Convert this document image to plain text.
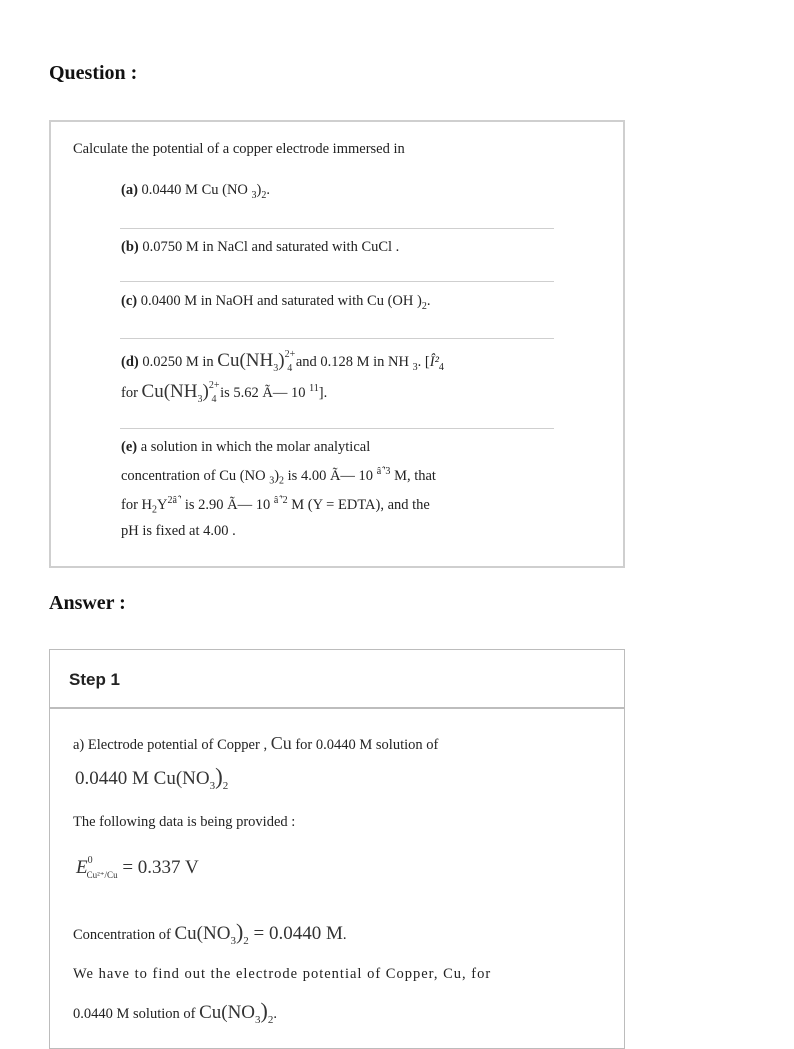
Question :
Calculate the potential of a copper electrode immersed in
(a) 0.0440 M Cu (NO $_3)_2$.
(b) 0.0750 M in NaCl and saturated with CuCl .
(c) 0.0400 M in NaOH and saturated with Cu (OH )$_2$.
(d) 0.0250 M in $Cu(NH_3)^{2+}_4$ and 0.128 M in NH $_3$. [$Î^2_4$
for $Cu(NH_3)^{2+}_4$ is 5.62 Ã— 10 $^{11}$].
(e) a solution in which the molar analytical
concentration of Cu (NO $_3)_2$ is 4.00 Ã— 10 $^{â ̂'3}$ M, that
for $H_2Y^{2â ̂'}$ is 2.90 Ã— 10 $^{â ̂'2}$ M (Y = EDTA), and the
pH is fixed at 4.00 .
Answer :
Step 1
a) Electrode potential of Copper , Cu for 0.0440 M solution of
0.0440 M $Cu(NO_3)_2$
The following data is being provided :
$E^0_{Cu^{2+}/Cu} = 0.337$ V
Concentration of $Cu(NO_3)_2 = 0.0440$ M.
We have to find out the electrode potential of Copper, Cu, for
0.0440 M solution of $Cu(NO_3)_2$.
